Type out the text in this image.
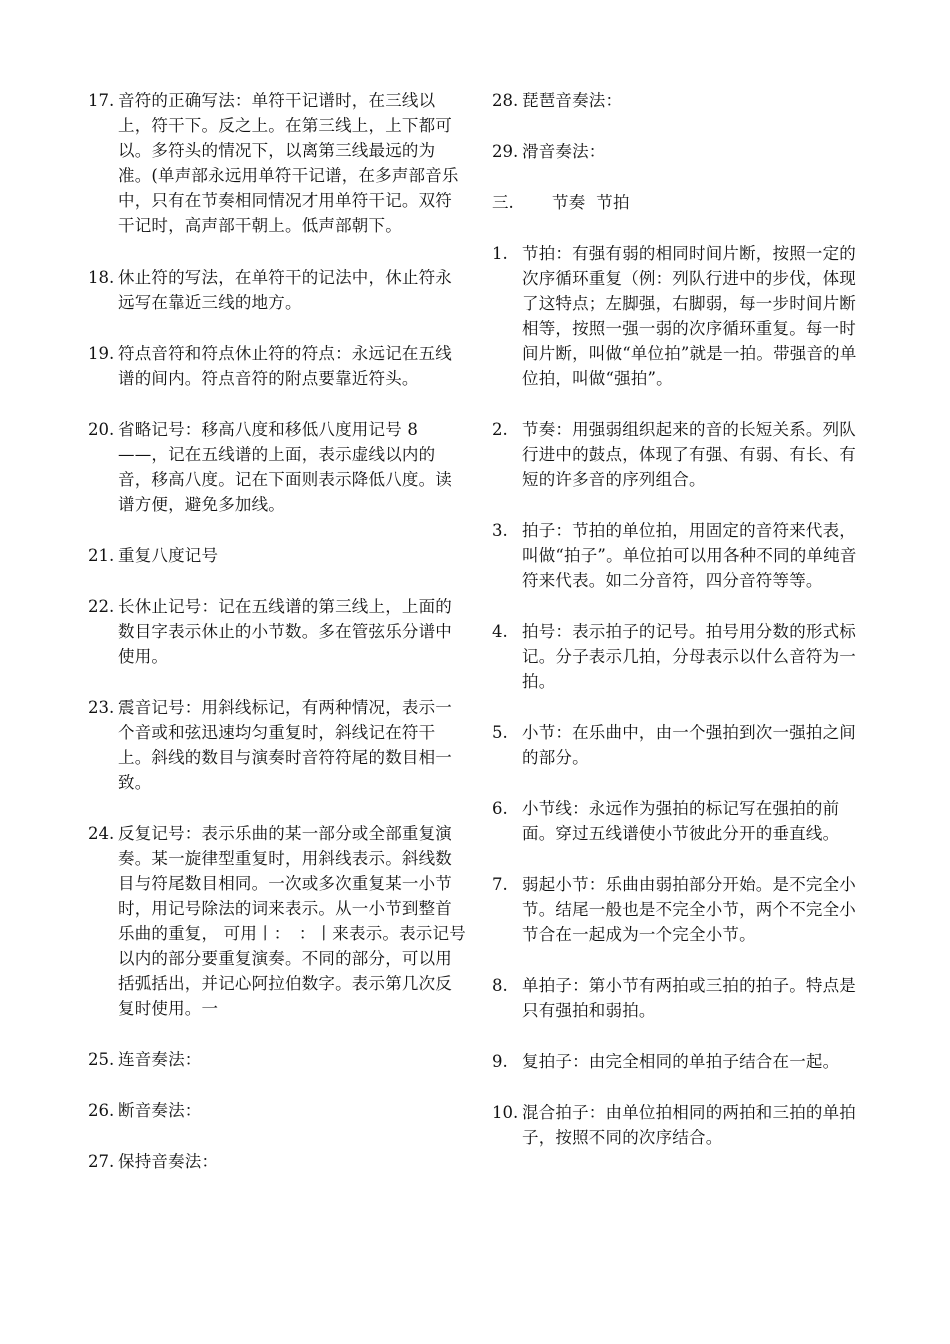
17. 音符的正确写法：单符干记谱时，在三线以上，符干下。反之上。在第三线上，上下都可以。多符头的情况下，以离第三线最远的为准。(单声部永远用单符干记谱，在多声部音乐中，只有在节奏相同情况才用单符干记。双符干记时，高声部干朝上。低声部朝下。
18. 休止符的写法，在单符干的记法中，休止符永远写在靠近三线的地方。
19. 符点音符和符点休止符的符点：永远记在五线谱的间内。符点音符的附点要靠近符头。
20. 省略记号：移高八度和移低八度用记号 8——，记在五线谱的上面，表示虚线以内的音，移高八度。记在下面则表示降低八度。读谱方便，避免多加线。
21. 重复八度记号
22. 长休止记号：记在五线谱的第三线上，上面的数目字表示休止的小节数。多在管弦乐分谱中使用。
23. 震音记号：用斜线标记，有两种情况，表示一个音或和弦迅速均匀重复时，斜线记在符干上。斜线的数目与演奏时音符符尾的数目相一致。
24. 反复记号：表示乐曲的某一部分或全部重复演奏。某一旋律型重复时，用斜线表示。斜线数目与符尾数目相同。一次或多次重复某一小节时，用记号除法的词来表示。从一小节到整首乐曲的重复， 可用丨：　：丨来表示。表示记号以内的部分要重复演奏。不同的部分，可以用括弧括出，并记心阿拉伯数字。表示第几次反复时使用。一
25. 连音奏法：
26. 断音奏法：
27. 保持音奏法：
28. 琵琶音奏法：
29. 滑音奏法：
三.	节奏  节拍
1. 节拍：有强有弱的相同时间片断，按照一定的次序循环重复（例：列队行进中的步伐，体现了这特点；左脚强，右脚弱，每一步时间片断相等，按照一强一弱的次序循环重复。每一时间片断，叫做“单位拍”就是一拍。带强音的单位拍，叫做“强拍”。
2. 节奏：用强弱组织起来的音的长短关系。列队行进中的鼓点，体现了有强、有弱、有长、有短的许多音的序列组合。
3. 拍子：节拍的单位拍，用固定的音符来代表，叫做“拍子”。单位拍可以用各种不同的单纯音符来代表。如二分音符，四分音符等等。
4. 拍号：表示拍子的记号。拍号用分数的形式标记。分子表示几拍，分母表示以什么音符为一拍。
5. 小节：在乐曲中，由一个强拍到次一强拍之间的部分。
6. 小节线：永远作为强拍的标记写在强拍的前面。穿过五线谱使小节彼此分开的垂直线。
7. 弱起小节：乐曲由弱拍部分开始。是不完全小节。结尾一般也是不完全小节，两个不完全小节合在一起成为一个完全小节。
8. 单拍子：第小节有两拍或三拍的拍子。特点是只有强拍和弱拍。
9. 复拍子：由完全相同的单拍子结合在一起。
10. 混合拍子：由单位拍相同的两拍和三拍的单拍子，按照不同的次序结合。
